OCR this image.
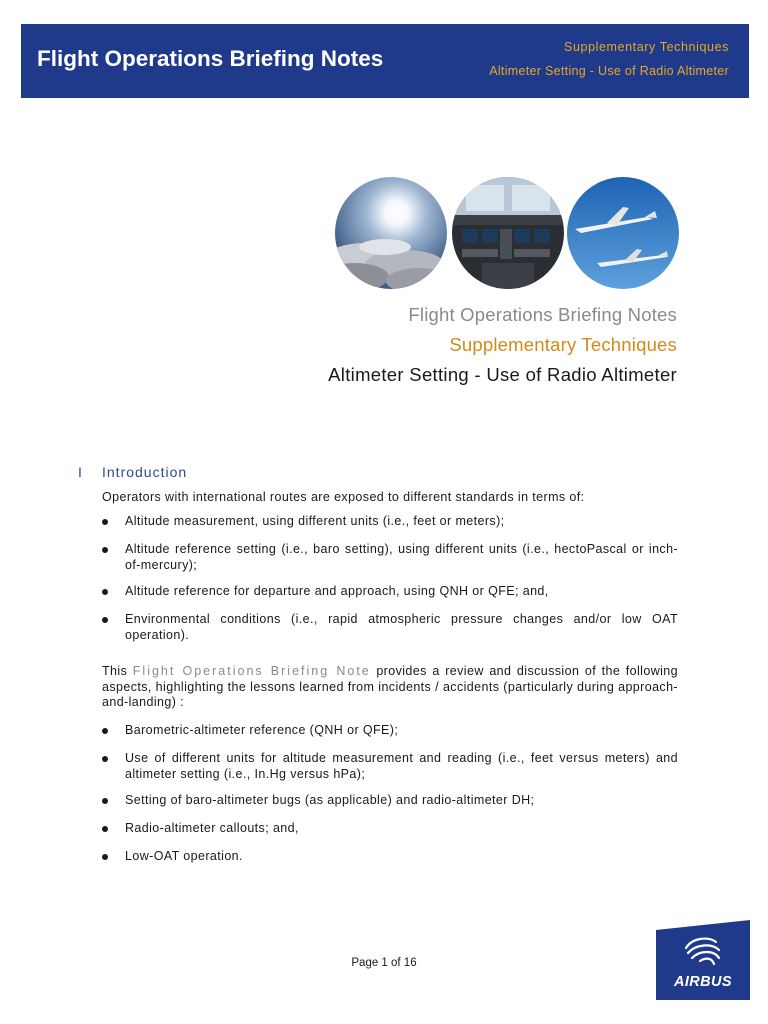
Flight Operations Briefing Notes	Supplementary Techniques
Altimeter Setting - Use of Radio Altimeter
Flight Operations Briefing Notes
Supplementary Techniques
Altimeter Setting - Use of Radio Altimeter
I Introduction
Operators with international routes are exposed to different standards in terms of:
Altitude measurement, using different units (i.e., feet or meters);
Altitude reference setting (i.e., baro setting), using different units (i.e., hectoPascal or inch-of-mercury);
Altitude reference for departure and approach, using QNH or QFE; and,
Environmental conditions (i.e., rapid atmospheric pressure changes and/or low OAT operation).
This Flight Operations Briefing Note provides a review and discussion of the following aspects, highlighting the lessons learned from incidents / accidents (particularly during approach-and-landing) :
Barometric-altimeter reference (QNH or QFE);
Use of different units for altitude measurement and reading (i.e., feet versus meters) and altimeter setting (i.e., In.Hg versus hPa);
Setting of baro-altimeter bugs (as applicable) and radio-altimeter DH;
Radio-altimeter callouts; and,
Low-OAT operation.
Page 1 of 16
AIRBUS
